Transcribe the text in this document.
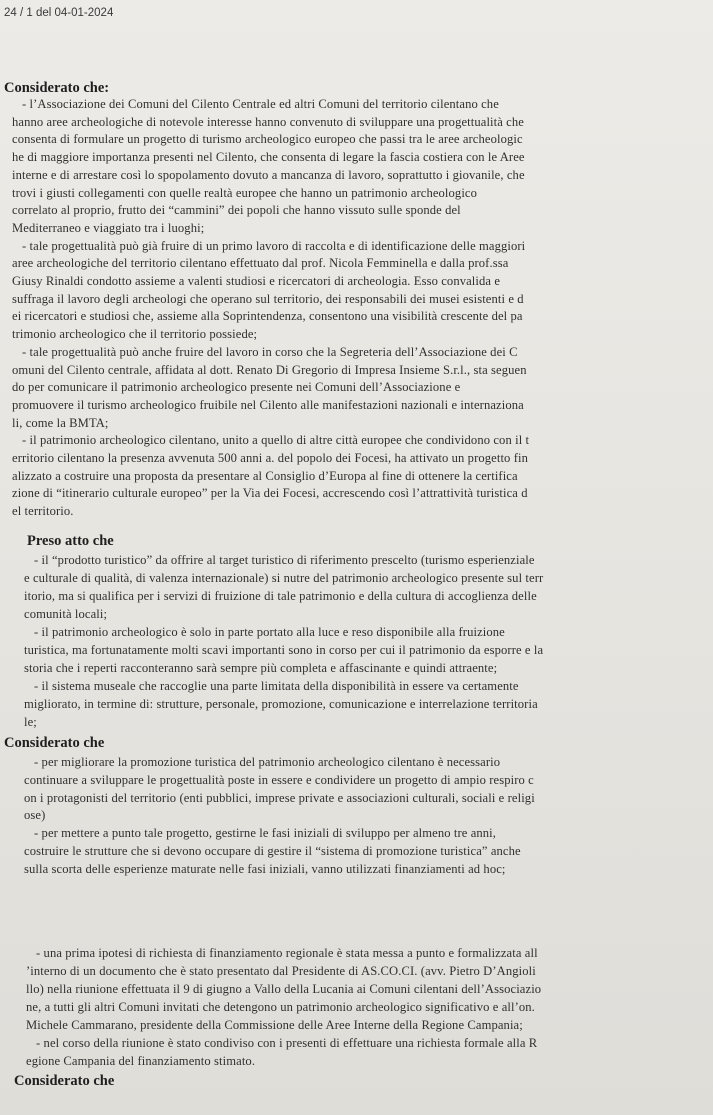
24 / 1 del 04-01-2024
Considerato che:
- l’Associazione dei Comuni del Cilento Centrale ed altri Comuni del territorio cilentano che
hanno aree archeologiche di notevole interesse hanno convenuto di sviluppare una progettualità che
consenta di formulare un progetto di turismo archeologico europeo che passi tra le aree archeologic
he di maggiore importanza presenti nel Cilento, che consenta di legare la fascia costiera con le Aree
interne e di arrestare così lo spopolamento dovuto a mancanza di lavoro, soprattutto i giovanile, che
trovi i giusti collegamenti con quelle realtà europee che hanno un patrimonio archeologico
correlato al proprio, frutto dei “cammini” dei popoli che hanno vissuto sulle sponde del
Mediterraneo e viaggiato tra i luoghi;
- tale progettualità può già fruire di un primo lavoro di raccolta e di identificazione delle maggiori
aree archeologiche del territorio cilentano effettuato dal prof. Nicola Femminella e dalla prof.ssa
Giusy Rinaldi condotto assieme a valenti studiosi e ricercatori di archeologia. Esso convalida e
suffraga il lavoro degli archeologi che operano sul territorio, dei responsabili dei musei esistenti e d
ei ricercatori e studiosi che, assieme alla Soprintendenza, consentono una visibilità crescente del pa
trimonio archeologico che il territorio possiede;
- tale progettualità può anche fruire del lavoro in corso che la Segreteria dell’Associazione dei C
omuni del Cilento centrale, affidata al dott. Renato Di Gregorio di Impresa Insieme S.r.l., sta seguen
do per comunicare il patrimonio archeologico presente nei Comuni dell’Associazione e
promuovere il turismo archeologico fruibile nel Cilento alle manifestazioni nazionali e internaziona
li, come la BMTA;
- il patrimonio archeologico cilentano, unito a quello di altre città europee che condividono con il t
erritorio cilentano la presenza avvenuta 500 anni a. del popolo dei Focesi, ha attivato un progetto fin
alizzato a costruire una proposta da presentare al Consiglio d’Europa al fine di ottenere la certifica
zione di “itinerario culturale europeo” per la Via dei Focesi, accrescendo così l’attrattività turistica d
el territorio.
Preso atto che
- il “prodotto turistico” da offrire al target turistico di riferimento prescelto (turismo esperienziale
e culturale di qualità, di valenza internazionale) si nutre del patrimonio archeologico presente sul terr
itorio, ma si qualifica per i servizi di fruizione di tale patrimonio e della cultura di accoglienza delle
comunità locali;
- il patrimonio archeologico è solo in parte portato alla luce e reso disponibile alla fruizione
turistica, ma fortunatamente molti scavi importanti sono in corso per cui il patrimonio da esporre e la
storia che i reperti racconteranno sarà sempre più completa e affascinante e quindi attraente;
- il sistema museale che raccoglie una parte limitata della disponibilità in essere va certamente
migliorato, in termine di: strutture, personale, promozione, comunicazione e interrelazione territoria
le;
Considerato che
- per migliorare la promozione turistica del patrimonio archeologico cilentano è necessario
continuare a sviluppare le progettualità poste in essere e condividere un progetto di ampio respiro c
on i protagonisti del territorio (enti pubblici, imprese private e associazioni culturali, sociali e religi
ose)
- per mettere a punto tale progetto, gestirne le fasi iniziali di sviluppo per almeno tre anni,
costruire le strutture che si devono occupare di gestire il “sistema di promozione turistica” anche
sulla scorta delle esperienze maturate nelle fasi iniziali, vanno utilizzati finanziamenti ad hoc;
- una prima ipotesi di richiesta di finanziamento regionale è stata messa a punto e formalizzata all
’interno di un documento che è stato presentato dal Presidente di AS.CO.CI. (avv. Pietro D’Angioli
llo) nella riunione effettuata il 9 di giugno a Vallo della Lucania ai Comuni cilentani dell’Associazio
ne, a tutti gli altri Comuni invitati che detengono un patrimonio archeologico significativo e all’on.
Michele Cammarano, presidente della Commissione delle Aree Interne della Regione Campania;
- nel corso della riunione è stato condiviso con i presenti di effettuare una richiesta formale alla R
egione Campania del finanziamento stimato.
Considerato che
